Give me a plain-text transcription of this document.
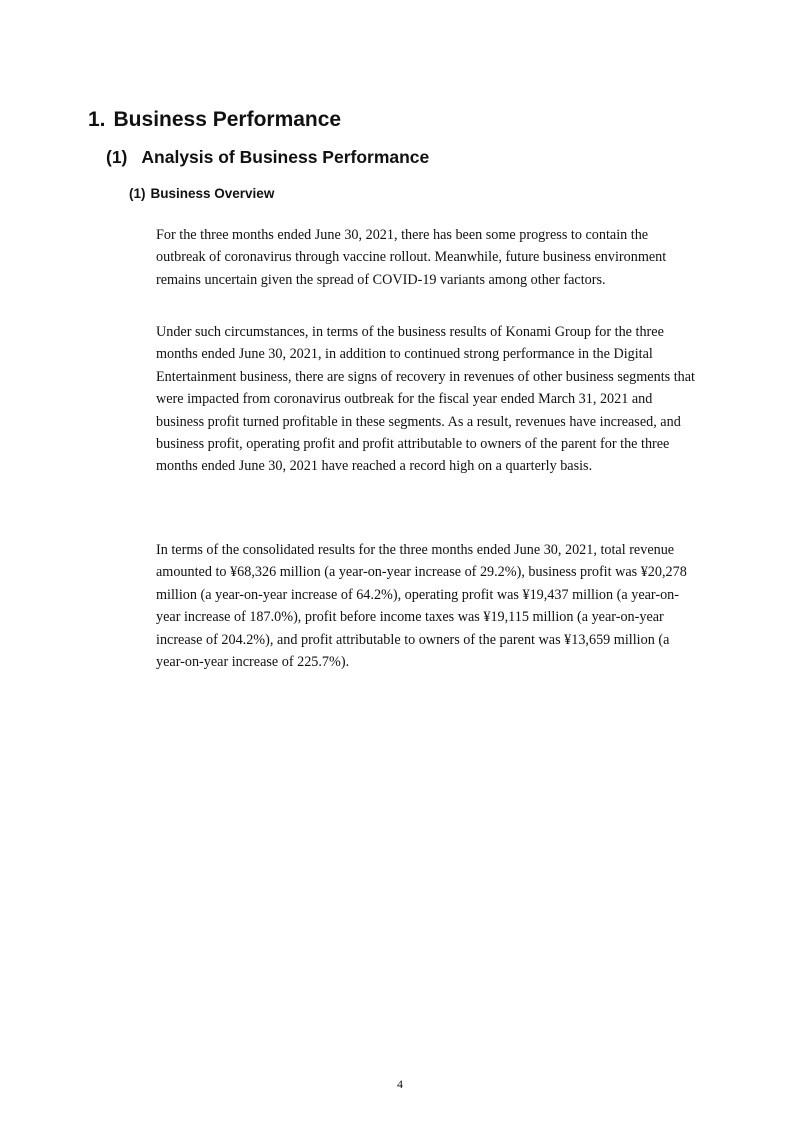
1. Business Performance
(1) Analysis of Business Performance
(1) Business Overview

For the three months ended June 30, 2021, there has been some progress to contain the outbreak of coronavirus through vaccine rollout. Meanwhile, future business environment remains uncertain given the spread of COVID-19 variants among other factors.

Under such circumstances, in terms of the business results of Konami Group for the three months ended June 30, 2021, in addition to continued strong performance in the Digital Entertainment business, there are signs of recovery in revenues of other business segments that were impacted from coronavirus outbreak for the fiscal year ended March 31, 2021 and business profit turned profitable in these segments. As a result, revenues have increased, and business profit, operating profit and profit attributable to owners of the parent for the three months ended June 30, 2021 have reached a record high on a quarterly basis.

In terms of the consolidated results for the three months ended June 30, 2021, total revenue amounted to ¥68,326 million (a year-on-year increase of 29.2%), business profit was ¥20,278 million (a year-on-year increase of 64.2%), operating profit was ¥19,437 million (a year-on-year increase of 187.0%), profit before income taxes was ¥19,115 million (a year-on-year increase of 204.2%), and profit attributable to owners of the parent was ¥13,659 million (a year-on-year increase of 225.7%).

4
